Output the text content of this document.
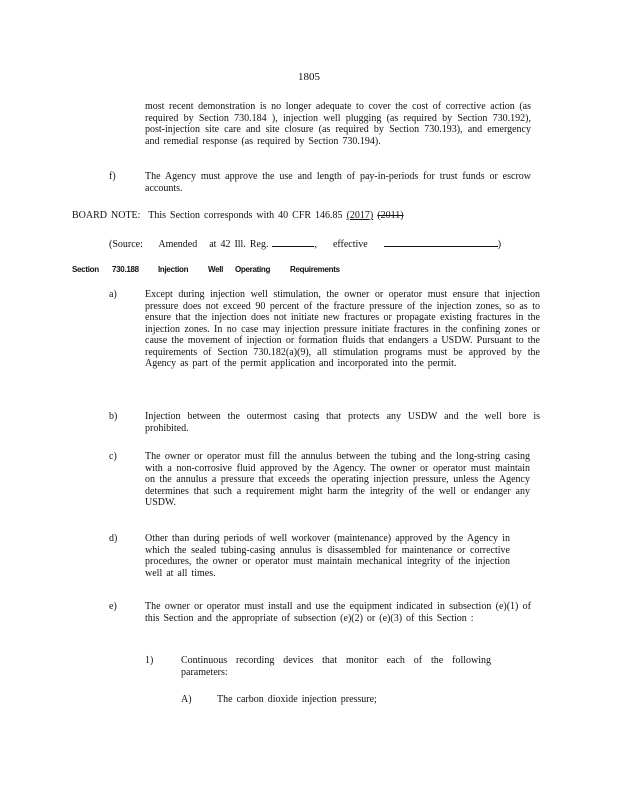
1805
most recent demonstration is no longer adequate to cover the cost of corrective action (as required by Section 730.184 ), injection well plugging (as required by Section 730.192), post-injection site care and site closure (as required by Section 730.193), and emergency and remedial response (as required by Section 730.194).
f)	The Agency must approve the use and length of pay-in-periods for trust funds or escrow accounts.
BOARD NOTE: This Section corresponds with 40 CFR 146.85 (2017) (2011)
(Source: Amended at 42 Ill. Reg.	, effective	)
Section 730.188 Injection Well Operating Requirements
a)	Except during injection well stimulation, the owner or operator must ensure that injection pressure does not exceed 90 percent of the fracture pressure of the injection zones, so as to ensure that the injection does not initiate new fractures or propagate existing fractures in the injection zones. In no case may injection pressure initiate fractures in the confining zones or cause the movement of injection or formation fluids that endangers a USDW. Pursuant to the requirements of Section 730.182(a)(9), all stimulation programs must be approved by the Agency as part of the permit application and incorporated into the permit.
b)	Injection between the outermost casing that protects any USDW and the well bore is prohibited.
c)	The owner or operator must fill the annulus between the tubing and the long-string casing with a non-corrosive fluid approved by the Agency. The owner or operator must maintain on the annulus a pressure that exceeds the operating injection pressure, unless the Agency determines that such a requirement might harm the integrity of the well or endanger any USDW.
d)	Other than during periods of well workover (maintenance) approved by the Agency in which the sealed tubing-casing annulus is disassembled for maintenance or corrective procedures, the owner or operator must maintain mechanical integrity of the injection well at all times.
e)	The owner or operator must install and use the equipment indicated in subsection (e)(1) of this Section and the appropriate of subsection (e)(2) or (e)(3) of this Section :
1)	Continuous recording devices that monitor each of the following parameters:
A)	The carbon dioxide injection pressure;
